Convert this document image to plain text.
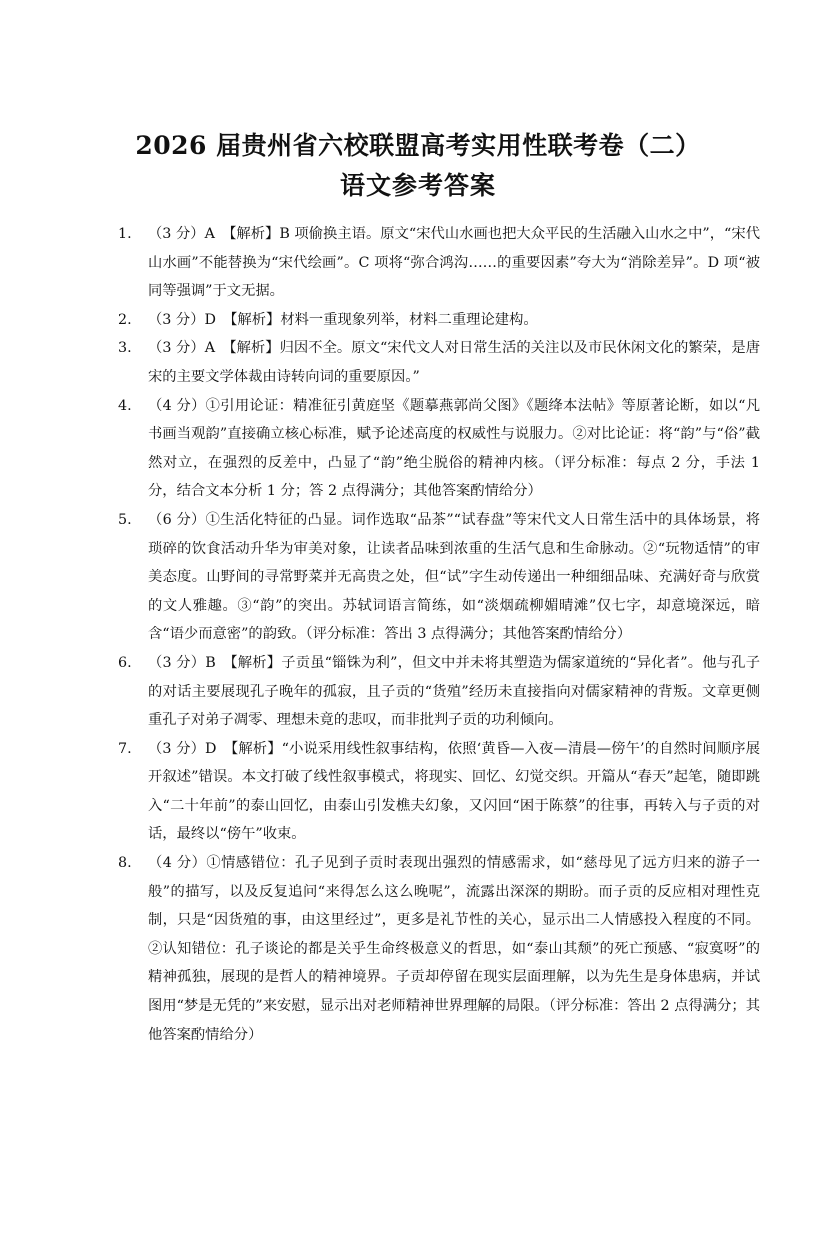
2026 届贵州省六校联盟高考实用性联考卷（二）
语文参考答案
1.	（3 分）A　【解析】B 项偷换主语。原文“宋代山水画也把大众平民的生活融入山水之中”，“宋代山水画”不能替换为“宋代绘画”。C 项将“弥合鸿沟……的重要因素”夸大为“消除差异”。D 项“被同等强调”于文无据。
2.	（3 分）D　【解析】材料一重现象列举，材料二重理论建构。
3.	（3 分）A　【解析】归因不全。原文“宋代文人对日常生活的关注以及市民休闲文化的繁荣，是唐宋的主要文学体裁由诗转向词的重要原因。”
4.	（4 分）①引用论证：精准征引黄庭坚《题摹燕郭尚父图》《题绛本法帖》等原著论断，如以“凡书画当观韵”直接确立核心标准，赋予论述高度的权威性与说服力。②对比论证：将“韵”与“俗”截然对立，在强烈的反差中，凸显了“韵”绝尘脱俗的精神内核。（评分标准：每点 2 分，手法 1 分，结合文本分析 1 分；答 2 点得满分；其他答案酌情给分）
5.	（6 分）①生活化特征的凸显。词作选取“品茶”“试春盘”等宋代文人日常生活中的具体场景，将琐碎的饮食活动升华为审美对象，让读者品味到浓重的生活气息和生命脉动。②“玩物适情”的审美态度。山野间的寻常野菜并无高贵之处，但“试”字生动传递出一种细细品味、充满好奇与欣赏的文人雅趣。③“韵”的突出。苏轼词语言简练，如“淡烟疏柳媚晴滩”仅七字，却意境深远，暗含“语少而意密”的韵致。（评分标准：答出 3 点得满分；其他答案酌情给分）
6.	（3 分）B　【解析】子贡虽“锱铢为利”，但文中并未将其塑造为儒家道统的“异化者”。他与孔子的对话主要展现孔子晚年的孤寂，且子贡的“货殖”经历未直接指向对儒家精神的背叛。文章更侧重孔子对弟子凋零、理想未竟的悲叹，而非批判子贡的功利倾向。
7.	（3 分）D　【解析】“小说采用线性叙事结构，依照‘黄昏—入夜—清晨—傍午’的自然时间顺序展开叙述”错误。本文打破了线性叙事模式，将现实、回忆、幻觉交织。开篇从“春天”起笔，随即跳入“二十年前”的泰山回忆，由泰山引发樵夫幻象，又闪回“困于陈蔡”的往事，再转入与子贡的对话，最终以“傍午”收束。
8.	（4 分）①情感错位：孔子见到子贡时表现出强烈的情感需求，如“慈母见了远方归来的游子一般”的描写，以及反复追问“来得怎么这么晚呢”，流露出深深的期盼。而子贡的反应相对理性克制，只是“因货殖的事，由这里经过”，更多是礼节性的关心，显示出二人情感投入程度的不同。②认知错位：孔子谈论的都是关乎生命终极意义的哲思，如“泰山其颓”的死亡预感、“寂寞呀”的精神孤独，展现的是哲人的精神境界。子贡却停留在现实层面理解，以为先生是身体患病，并试图用“梦是无凭的”来安慰，显示出对老师精神世界理解的局限。（评分标准：答出 2 点得满分；其他答案酌情给分）
